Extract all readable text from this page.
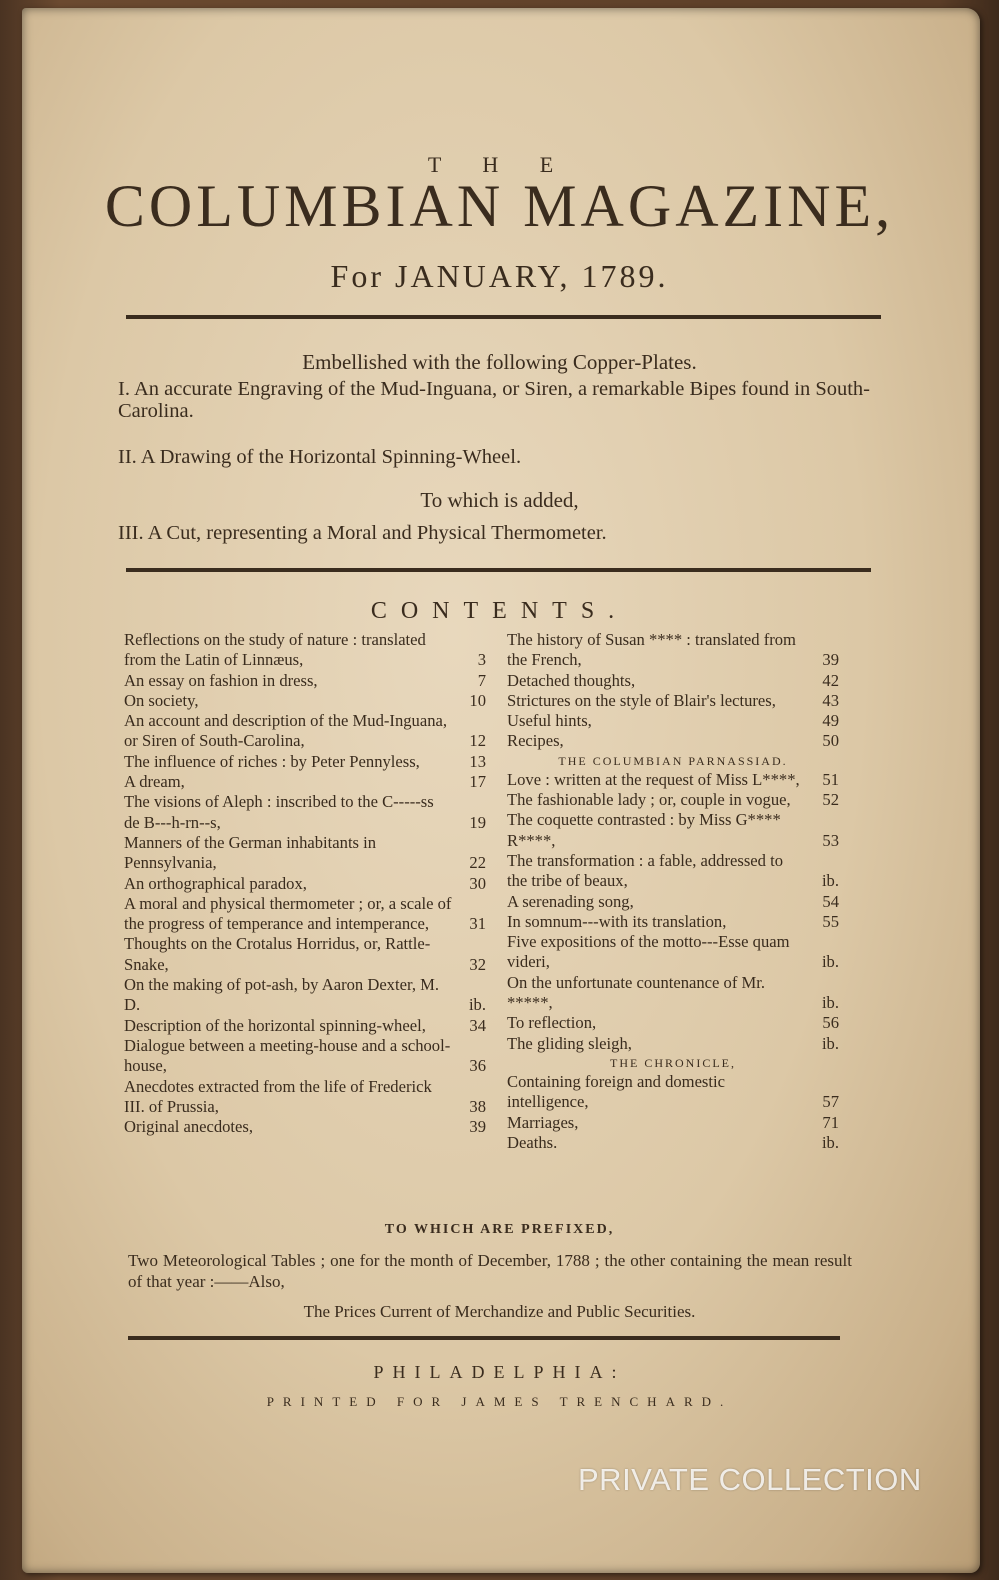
T H E
COLUMBIAN MAGAZINE,
For JANUARY, 1789.
Embellished with the following Copper-Plates.
I. An accurate Engraving of the Mud-Inguana, or Siren, a remarkable Bipes found in South-Carolina.
II. A Drawing of the Horizontal Spinning-Wheel.
To which is added,
III. A Cut, representing a Moral and Physical Thermometer.
CONTENTS.
Reflections on the study of nature : translated from the Latin of Linnæus,	3
An essay on fashion in dress,	7
On society,	10
An account and description of the Mud-Inguana, or Siren of South-Carolina,	12
The influence of riches : by Peter Pennyless,	13
A dream,	17
The visions of Aleph : inscribed to the C-----ss de B---h-rn--s,	19
Manners of the German inhabitants in Pennsylvania,	22
An orthographical paradox,	30
A moral and physical thermometer ; or, a scale of the progress of temperance and intemperance,	31
Thoughts on the Crotalus Horridus, or, Rattle-Snake,	32
On the making of pot-ash, by Aaron Dexter, M. D.	ib.
Description of the horizontal spinning-wheel,	34
Dialogue between a meeting-house and a school-house,	36
Anecdotes extracted from the life of Frederick III. of Prussia,	38
Original anecdotes,	39
The history of Susan **** : translated from the French,	39
Detached thoughts,	42
Strictures on the style of Blair's lectures,	43
Useful hints,	49
Recipes,	50
THE COLUMBIAN PARNASSIAD.
Love : written at the request of Miss L****,	51
The fashionable lady ; or, couple in vogue,	52
The coquette contrasted : by Miss G**** R****,	53
The transformation : a fable, addressed to the tribe of beaux,	ib.
A serenading song,	54
In somnum---with its translation,	55
Five expositions of the motto---Esse quam videri,	ib.
On the unfortunate countenance of Mr. *****,	ib.
To reflection,	56
The gliding sleigh,	ib.
THE CHRONICLE,
Containing foreign and domestic intelligence,	57
Marriages,	71
Deaths.	ib.
TO WHICH ARE PREFIXED,
Two Meteorological Tables ; one for the month of December, 1788 ; the other containing the mean result of that year :——Also,
The Prices Current of Merchandize and Public Securities.
PHILADELPHIA:
PRINTED FOR JAMES TRENCHARD.
PRIVATE COLLECTION
